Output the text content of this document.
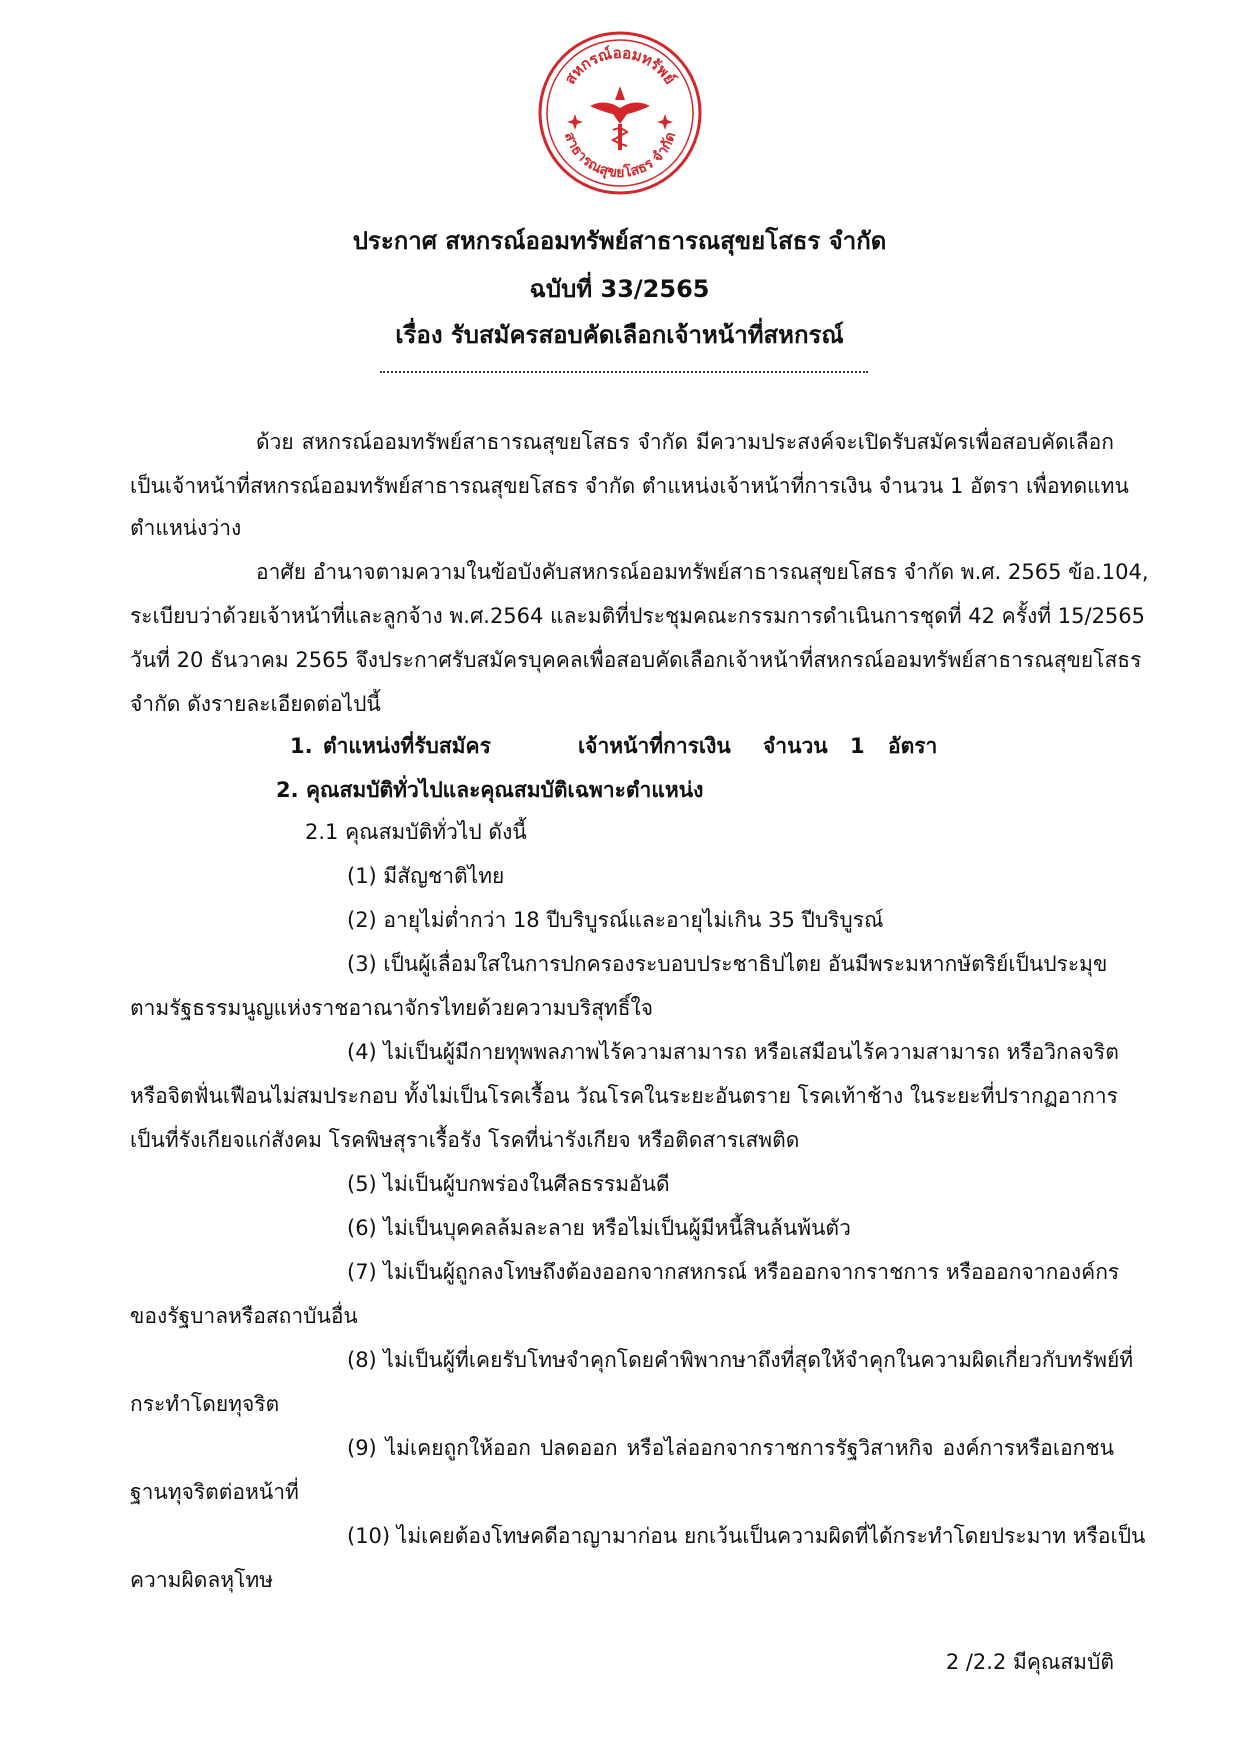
สหกรณ์ออมทรัพย์
สาธารณสุขยโสธร จำกัด
ประกาศ สหกรณ์ออมทรัพย์สาธารณสุขยโสธร จำกัด
ฉบับที่ 33/2565
เรื่อง รับสมัครสอบคัดเลือกเจ้าหน้าที่สหกรณ์
ด้วย สหกรณ์ออมทรัพย์สาธารณสุขยโสธร จำกัด มีความประสงค์จะเปิดรับสมัครเพื่อสอบคัดเลือก
เป็นเจ้าหน้าที่สหกรณ์ออมทรัพย์สาธารณสุขยโสธร จำกัด ตำแหน่งเจ้าหน้าที่การเงิน จำนวน 1 อัตรา เพื่อทดแทน
ตำแหน่งว่าง
อาศัย อำนาจตามความในข้อบังคับสหกรณ์ออมทรัพย์สาธารณสุขยโสธร จำกัด พ.ศ. 2565 ข้อ.104,
ระเบียบว่าด้วยเจ้าหน้าที่และลูกจ้าง พ.ศ.2564 และมติที่ประชุมคณะกรรมการดำเนินการชุดที่ 42 ครั้งที่ 15/2565
วันที่ 20 ธันวาคม 2565 จึงประกาศรับสมัครบุคคลเพื่อสอบคัดเลือกเจ้าหน้าที่สหกรณ์ออมทรัพย์สาธารณสุขยโสธร
จำกัด ดังรายละเอียดต่อไปนี้
1. ตำแหน่งที่รับสมัคร	เจ้าหน้าที่การเงิน จำนวน 1 อัตรา
2. คุณสมบัติทั่วไปและคุณสมบัติเฉพาะตำแหน่ง
2.1 คุณสมบัติทั่วไป ดังนี้
(1) มีสัญชาติไทย
(2) อายุไม่ต่ำกว่า 18 ปีบริบูรณ์และอายุไม่เกิน 35 ปีบริบูรณ์
(3) เป็นผู้เลื่อมใสในการปกครองระบอบประชาธิปไตย อันมีพระมหากษัตริย์เป็นประมุข
ตามรัฐธรรมนูญแห่งราชอาณาจักรไทยด้วยความบริสุทธิ์ใจ
(4) ไม่เป็นผู้มีกายทุพพลภาพไร้ความสามารถ หรือเสมือนไร้ความสามารถ หรือวิกลจริต
หรือจิตฟั่นเฟือนไม่สมประกอบ ทั้งไม่เป็นโรคเรื้อน วัณโรคในระยะอันตราย โรคเท้าช้าง ในระยะที่ปรากฏอาการ
เป็นที่รังเกียจแก่สังคม โรคพิษสุราเรื้อรัง โรคที่น่ารังเกียจ หรือติดสารเสพติด
(5) ไม่เป็นผู้บกพร่องในศีลธรรมอันดี
(6) ไม่เป็นบุคคลล้มละลาย หรือไม่เป็นผู้มีหนี้สินล้นพ้นตัว
(7) ไม่เป็นผู้ถูกลงโทษถึงต้องออกจากสหกรณ์ หรือออกจากราชการ หรือออกจากองค์กร
ของรัฐบาลหรือสถาบันอื่น
(8) ไม่เป็นผู้ที่เคยรับโทษจำคุกโดยคำพิพากษาถึงที่สุดให้จำคุกในความผิดเกี่ยวกับทรัพย์ที่
กระทำโดยทุจริต
(9) ไม่เคยถูกให้ออก ปลดออก หรือไล่ออกจากราชการรัฐวิสาหกิจ องค์การหรือเอกชน
ฐานทุจริตต่อหน้าที่
(10) ไม่เคยต้องโทษคดีอาญามาก่อน ยกเว้นเป็นความผิดที่ได้กระทำโดยประมาท หรือเป็น
ความผิดลหุโทษ
2 /2.2 มีคุณสมบัติ
